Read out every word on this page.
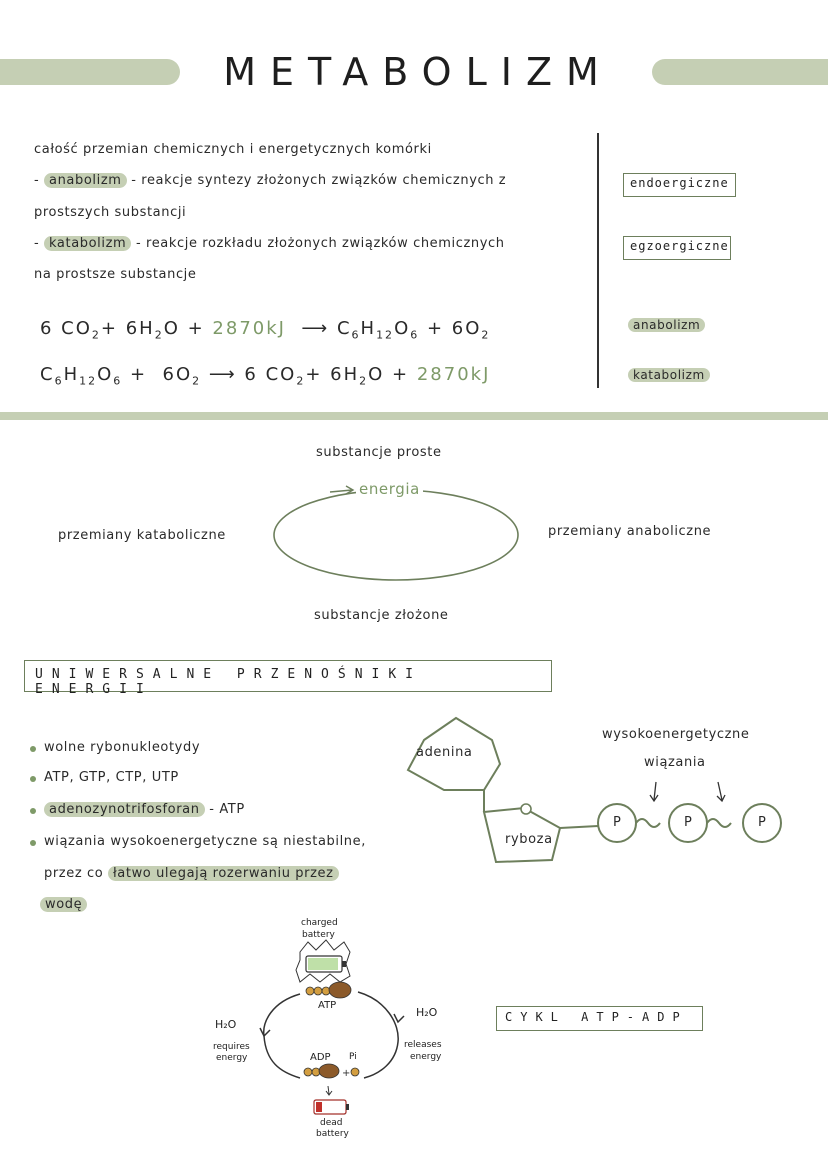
METABOLIZM
całość przemian chemicznych i energetycznych komórki
- anabolizm - reakcje syntezy złożonych związków chemicznych z
prostszych substancji
- katabolizm - reakcje rozkładu złożonych związków chemicznych
na prostsze substancje
6 $CO_2+ 6H_2O + 2870kJ$  ⟶ $C_6H_{12}O_6 + 6O_2$
$C_6H_{12}O_6 + 6O_2$ ⟶ 6 $CO_2+ 6H_2O + 2870kJ$
endoergiczne
egzoergiczne
anabolizm
katabolizm
substancje proste
energia
przemiany kataboliczne	przemiany anaboliczne
substancje złożone
UNIWERSALNE PRZENOŚNIKI ENERGII
wolne rybonukleotydy
ATP, GTP, CTP, UTP
adenozynotrifosforan - ATP
wiązania wysokoenergetyczne są niestabilne,
przez co łatwo ulegają rozerwaniu przez
wodę
wysokoenergetyczne
wiązania
adenina
ryboza
P	P	P
+
charged
battery
ATP
H₂O
H₂O
requires
energy
releases
energy
ADP Pi
dead
battery
CYKL ATP-ADP
